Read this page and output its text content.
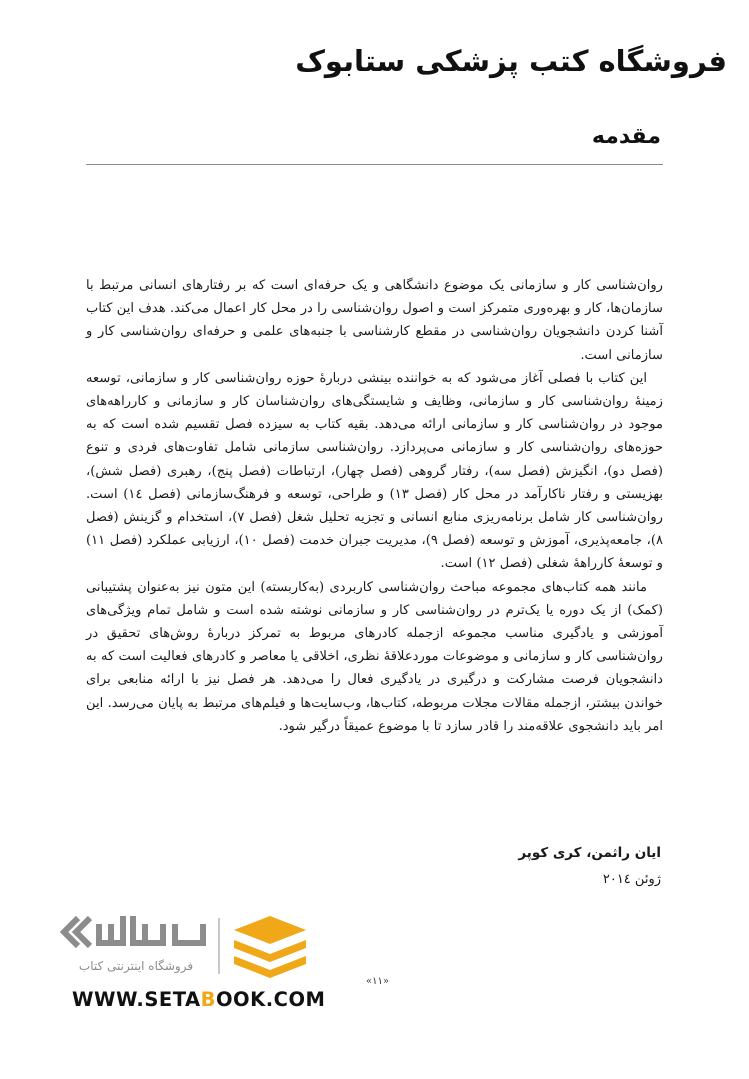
فروشگاه کتب پزشکی ستابوک
مقدمه

روان‌شناسی کار و سازمانی یک موضوع دانشگاهی و یک حرفه‌ای است که بر رفتارهای انسانی مرتبط با سازمان‌ها، کار و بهره‌وری متمرکز است و اصول روان‌شناسی را در محل کار اعمال می‌کند. هدف این کتاب آشنا کردن دانشجویان روان‌شناسی در مقطع کارشناسی با جنبه‌های علمی و حرفه‌ای روان‌شناسی کار و سازمانی است.

این کتاب با فصلی آغاز می‌شود که به خواننده بینشی دربارهٔ حوزه روان‌شناسی کار و سازمانی، توسعه زمینهٔ روان‌شناسی کار و سازمانی، وظایف و شایستگی‌های روان‌شناسان کار و سازمانی و کارراهه‌های موجود در روان‌شناسی کار و سازمانی ارائه می‌دهد. بقیه کتاب به سیزده فصل تقسیم شده است که به حوزه‌های روان‌شناسی کار و سازمانی می‌پردازد. روان‌شناسی سازمانی شامل تفاوت‌های فردی و تنوع (فصل دو)، انگیزش (فصل سه)، رفتار گروهی (فصل چهار)، ارتباطات (فصل پنج)، رهبری (فصل شش)، بهزیستی و رفتار ناکارآمد در محل کار (فصل ۱۳) و طراحی، توسعه و فرهنگ‌سازمانی (فصل ۱٤) است. روان‌شناسی کار شامل برنامه‌ریزی منابع انسانی و تجزیه تحلیل شغل (فصل ۷)، استخدام و گزینش (فصل ۸)، جامعه‌پذیری، آموزش و توسعه (فصل ۹)، مدیریت جبران خدمت (فصل ۱۰)، ارزیابی عملکرد (فصل ۱۱) و توسعهٔ کارراههٔ شغلی (فصل ۱۲) است.

مانند همه کتاب‌های مجموعه مباحث روان‌شناسی کاربردی (به‌کاربسته) این متون نیز به‌عنوان پشتیبانی (کمک) از یک دوره یا یک‌ترم در روان‌شناسی کار و سازمانی نوشته شده است و شامل تمام ویژگی‌های آموزشی و یادگیری مناسب مجموعه ازجمله کادرهای مربوط به تمرکز دربارهٔ روش‌های تحقیق در روان‌شناسی کار و سازمانی و موضوعات موردعلاقهٔ نظری، اخلاقی یا معاصر و کادرهای فعالیت است که به دانشجویان فرصت مشارکت و درگیری در یادگیری فعال را می‌دهد. هر فصل نیز با ارائه منابعی برای خواندن بیشتر، ازجمله مقالات مجلات مربوطه، کتاب‌ها، وب‌سایت‌ها و فیلم‌های مرتبط به پایان می‌رسد. این امر باید دانشجوی علاقه‌مند را قادر سازد تا با موضوع عمیقاً درگیر شود.

ایان راثمن، کری کوپر
ژوئن ۲۰۱٤
فروشگاه اینترنتی کتاب
WWW.SETABOOK.COM
«۱۱»
